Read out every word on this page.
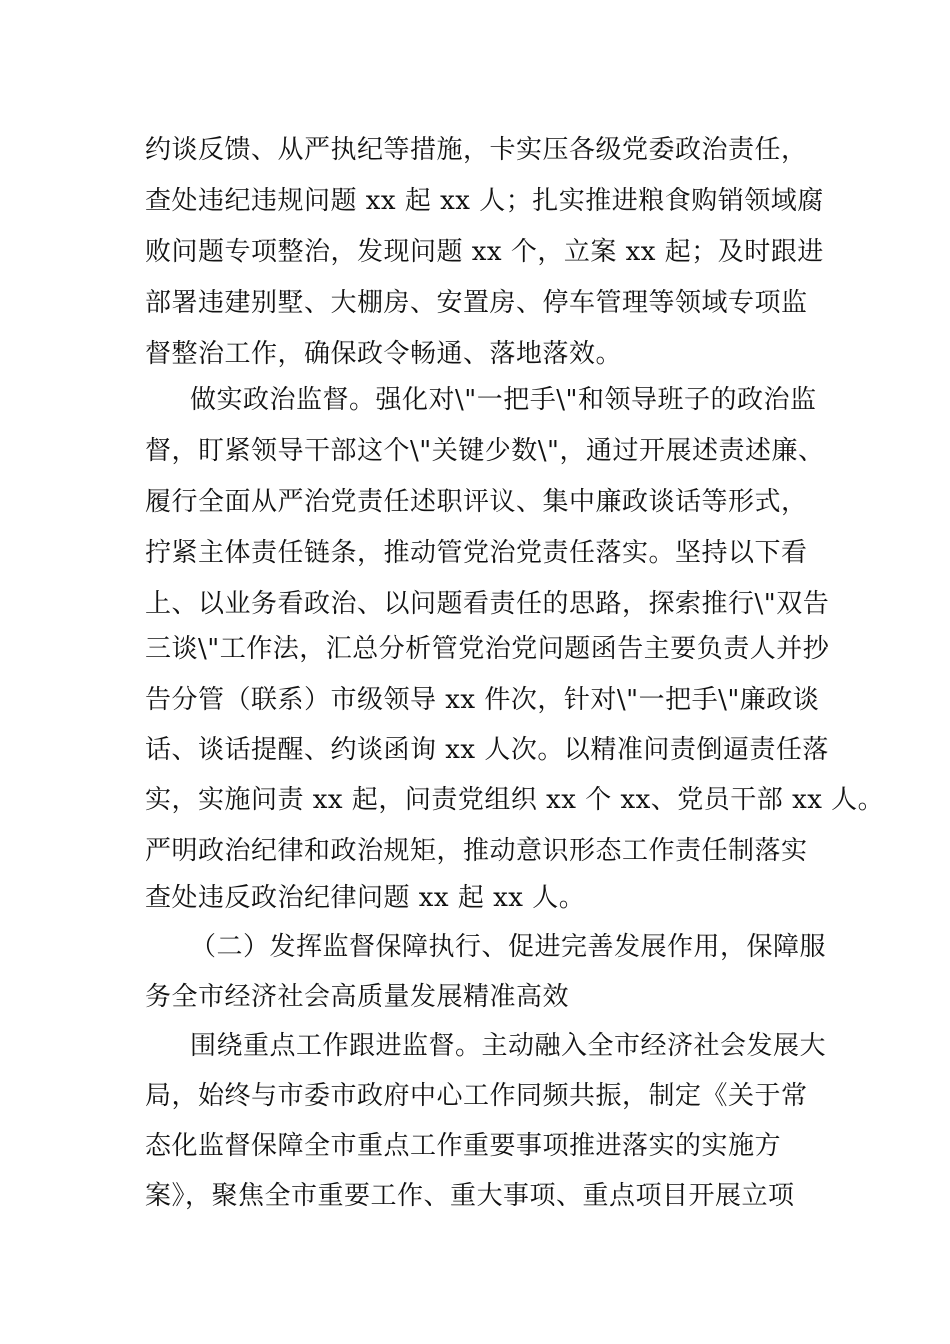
约谈反馈、从严执纪等措施，卡实压各级党委政治责任，
查处违纪违规问题 xx 起 xx 人；扎实推进粮食购销领域腐
败问题专项整治，发现问题 xx 个，立案 xx 起；及时跟进
部署违建别墅、大棚房、安置房、停车管理等领域专项监
督整治工作，确保政令畅通、落地落效。
做实政治监督。强化对\"一把手\"和领导班子的政治监
督，盯紧领导干部这个\"关键少数\"，通过开展述责述廉、
履行全面从严治党责任述职评议、集中廉政谈话等形式，
拧紧主体责任链条，推动管党治党责任落实。坚持以下看
上、以业务看政治、以问题看责任的思路，探索推行\"双告
三谈\"工作法，汇总分析管党治党问题函告主要负责人并抄
告分管（联系）市级领导 xx 件次，针对\"一把手\"廉政谈
话、谈话提醒、约谈函询 xx 人次。以精准问责倒逼责任落
实，实施问责 xx 起，问责党组织 xx 个 xx、党员干部 xx 人。
严明政治纪律和政治规矩，推动意识形态工作责任制落实
查处违反政治纪律问题 xx 起 xx 人。
（二）发挥监督保障执行、促进完善发展作用，保障服
务全市经济社会高质量发展精准高效
围绕重点工作跟进监督。主动融入全市经济社会发展大
局，始终与市委市政府中心工作同频共振，制定《关于常
态化监督保障全市重点工作重要事项推进落实的实施方
案》，聚焦全市重要工作、重大事项、重点项目开展立项
